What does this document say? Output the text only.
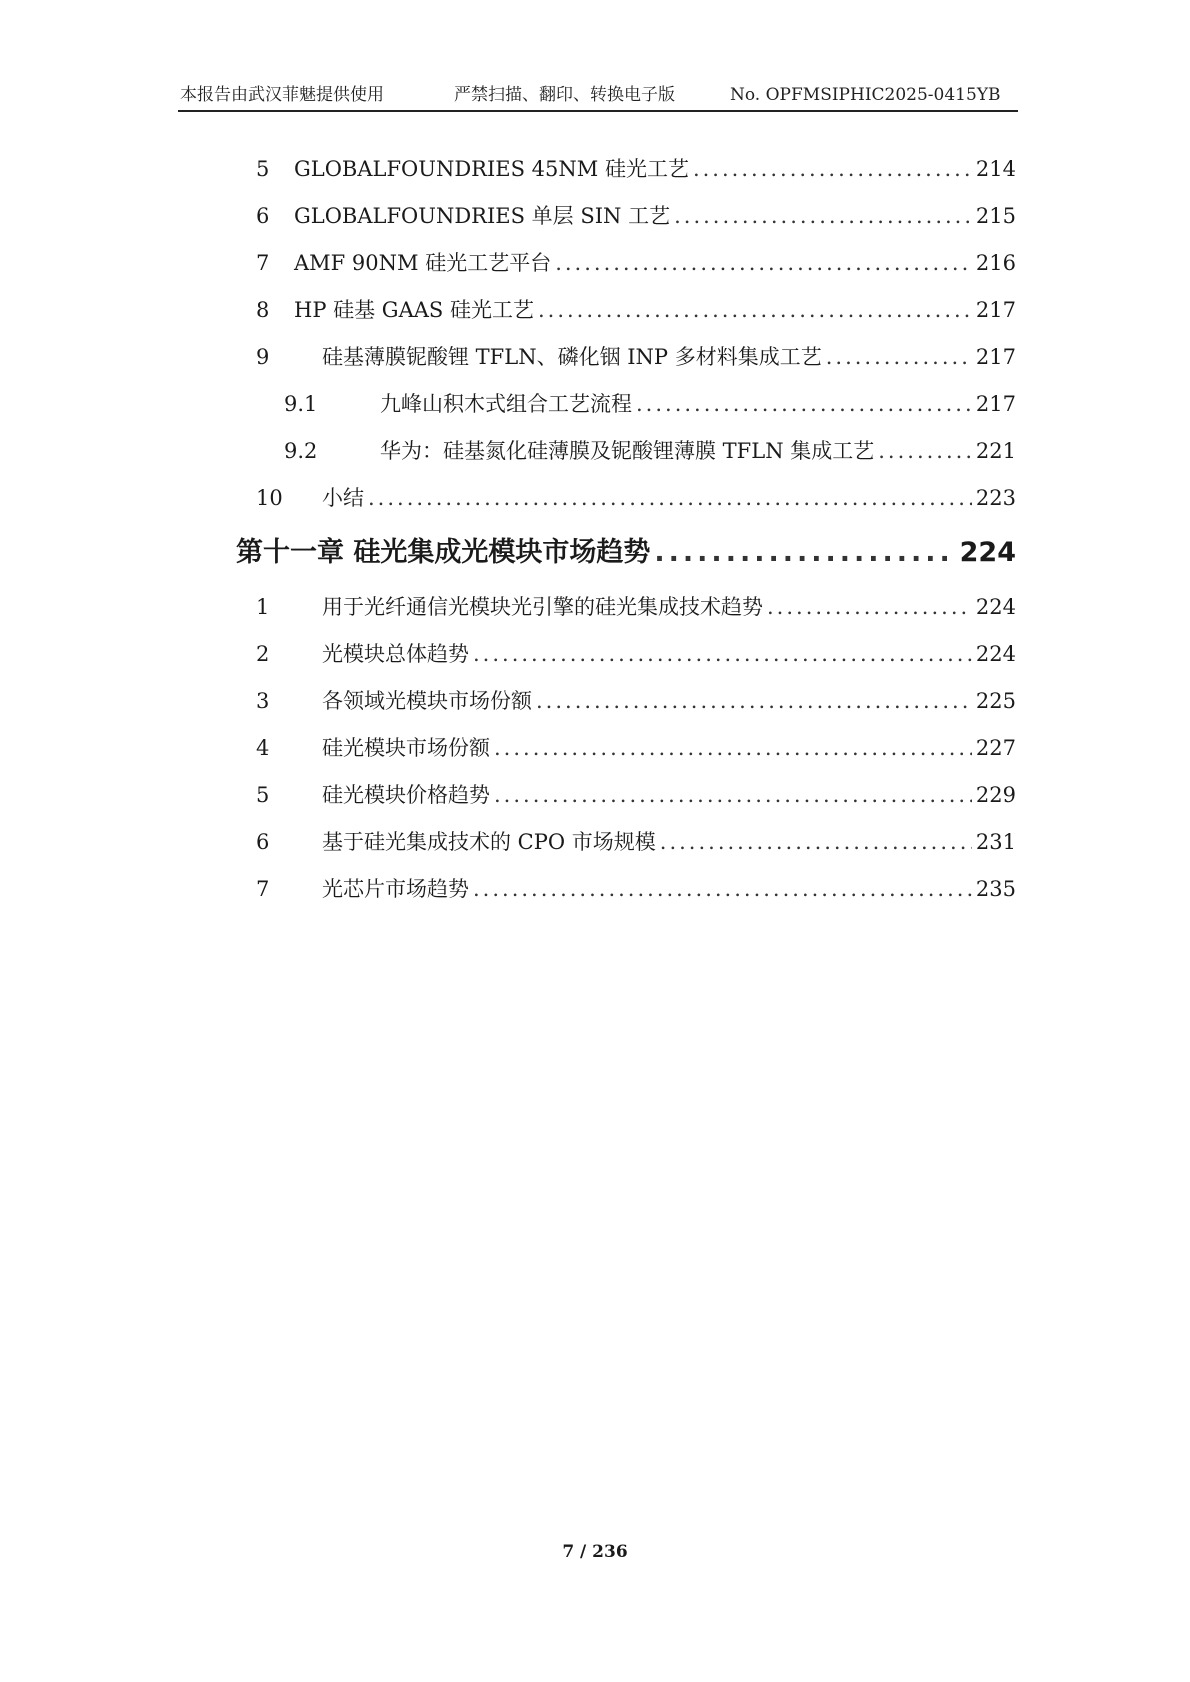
本报告由武汉菲魅提供使用	严禁扫描、翻印、转换电子版	No. OPFMSIPHIC2025-0415YB
5 GLOBALFOUNDRIES 45NM 硅光工艺 .....	214
6 GLOBALFOUNDRIES 单层 SIN 工艺 .....	215
7 AMF 90NM 硅光工艺平台 .....	216
8 HP 硅基 GAAS 硅光工艺 .....	217
9	硅基薄膜铌酸锂 TFLN、磷化铟 INP 多材料集成工艺 .....	217
9.1	九峰山积木式组合工艺流程 .....	217
9.2	华为：硅基氮化硅薄膜及铌酸锂薄膜 TFLN 集成工艺 .....	221
10 小结 .....	223
第十一章 硅光集成光模块市场趋势 .....	224
1	用于光纤通信光模块光引擎的硅光集成技术趋势 .....	224
2	光模块总体趋势 .....	224
3	各领域光模块市场份额 .....	225
4	硅光模块市场份额 .....	227
5	硅光模块价格趋势 .....	229
6	基于硅光集成技术的 CPO 市场规模 .....	231
7	光芯片市场趋势 .....	235
7 / 236
